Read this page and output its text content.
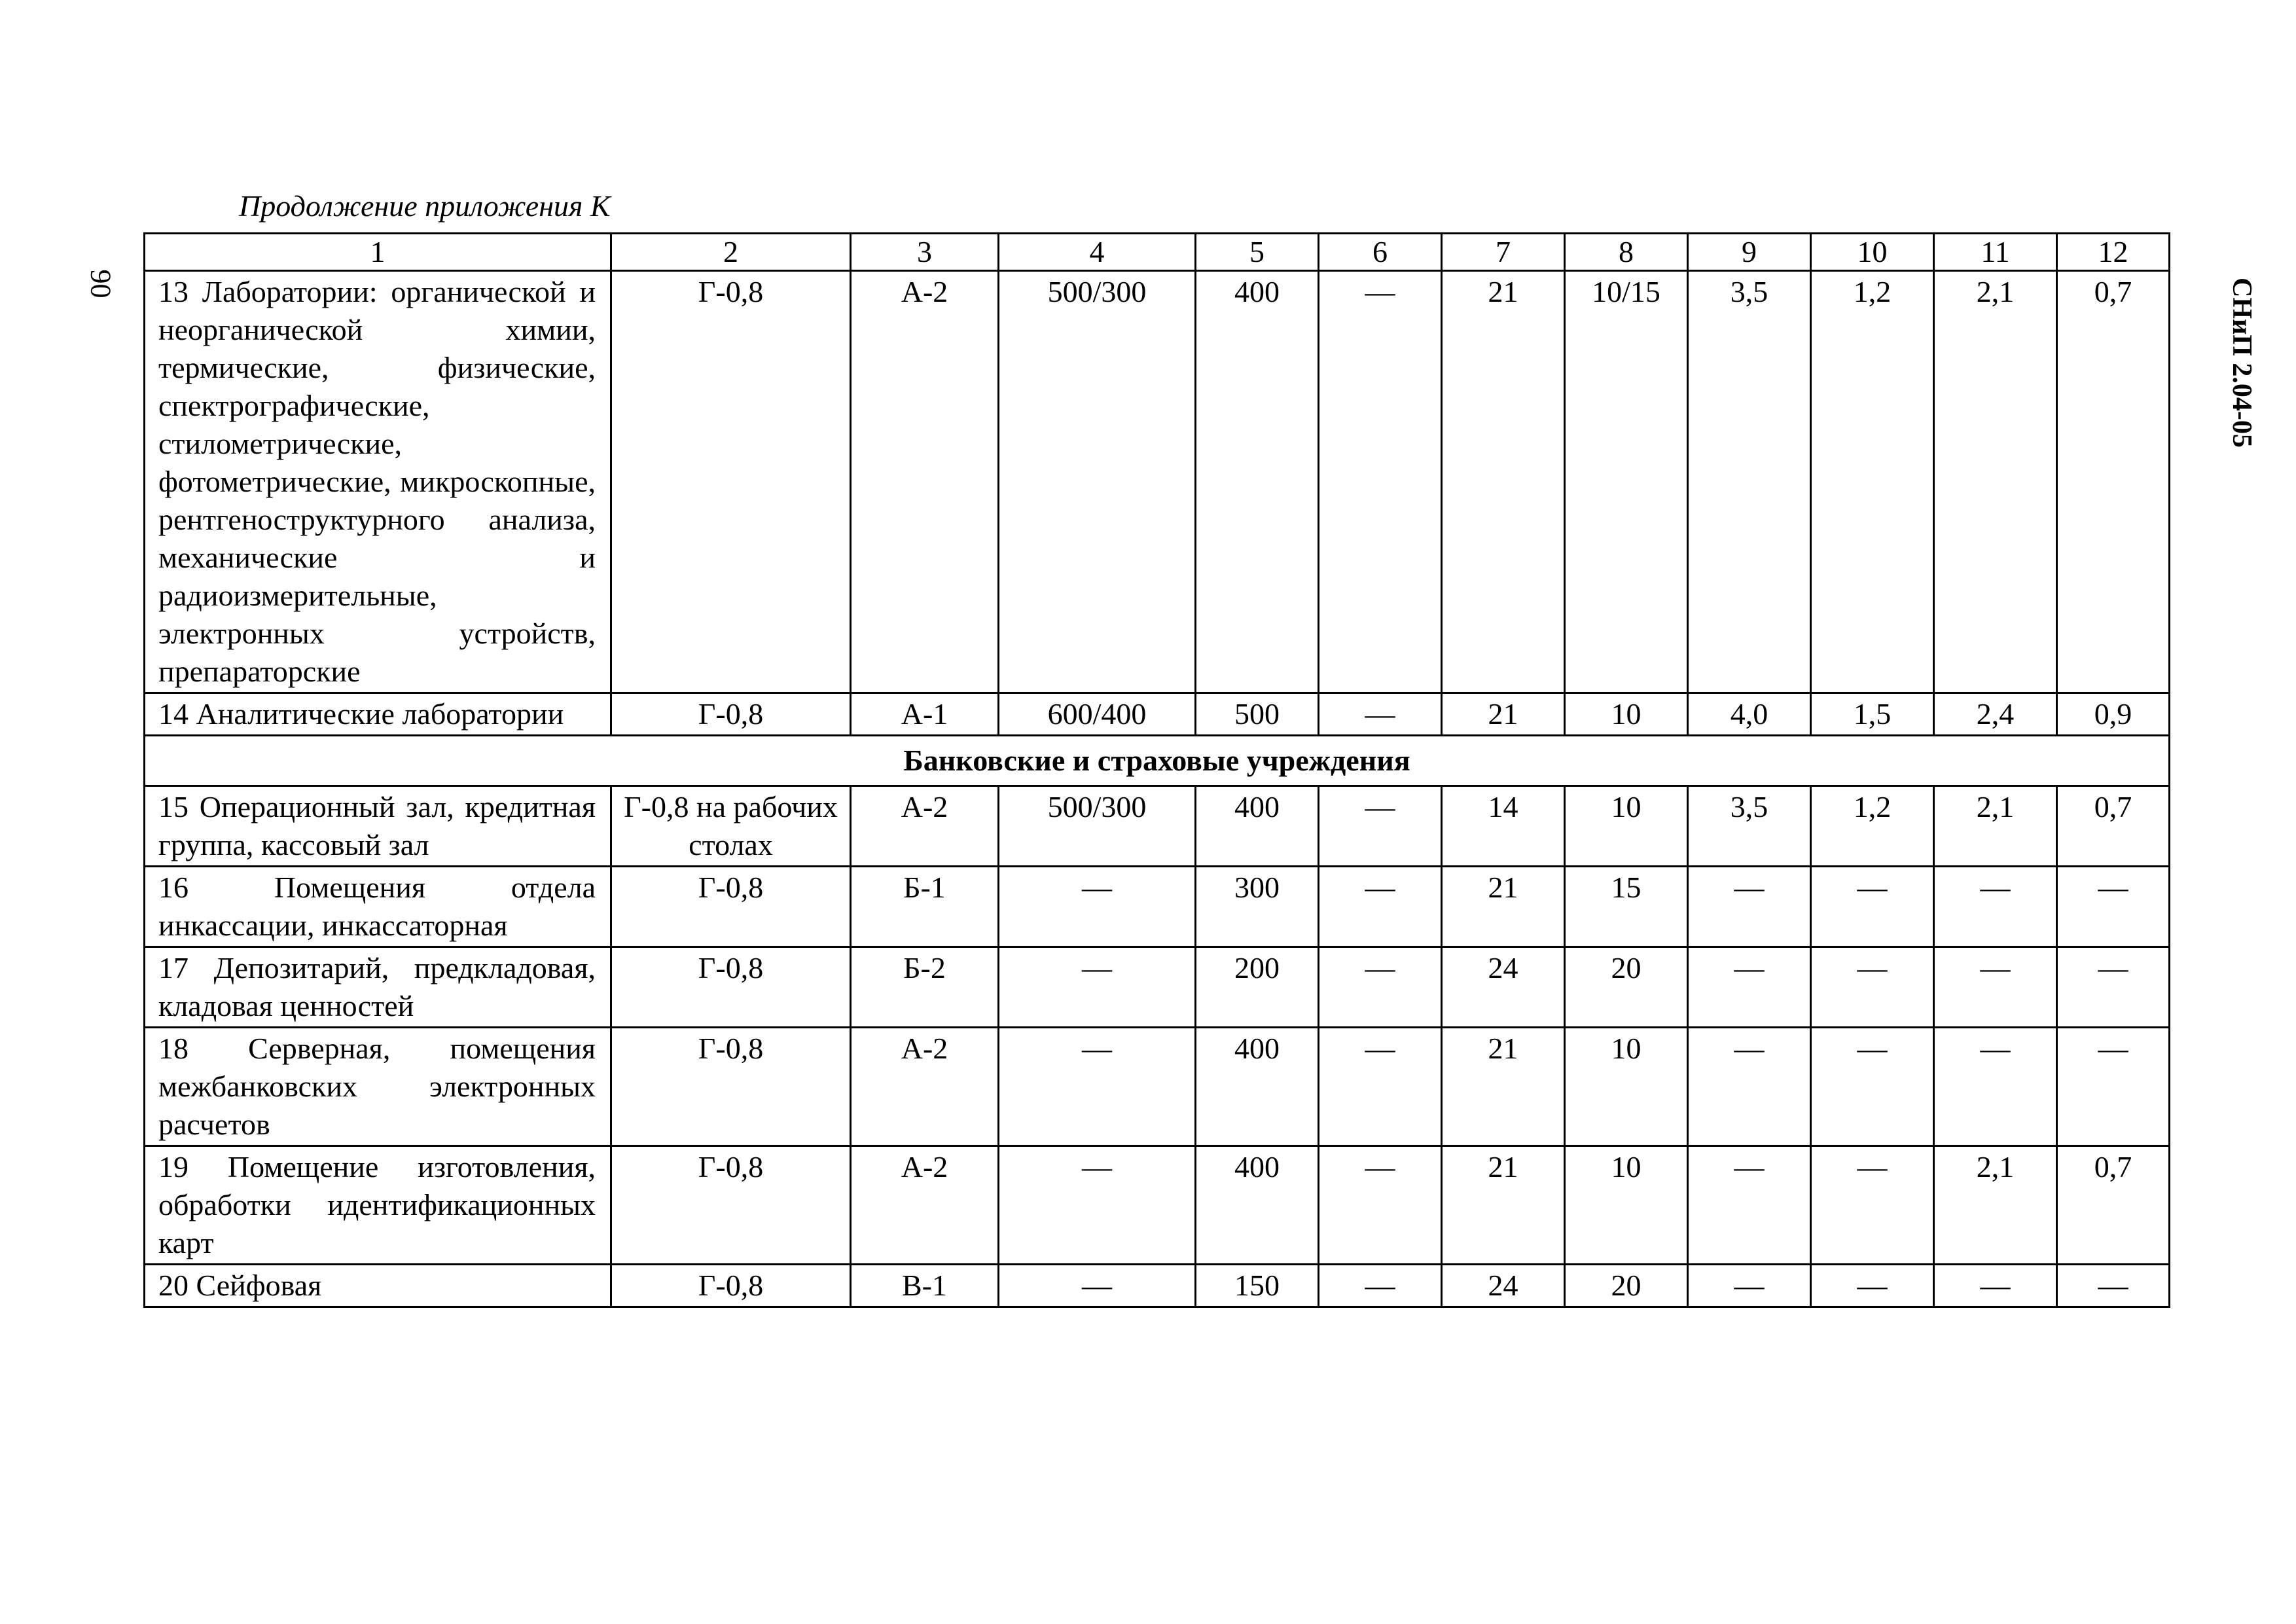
Продолжение приложения К
90	СНиП 2.04-05
1	2	3	4	5	6	7	8	9	10	11	12
13 Лаборатории: органической и неорганической химии, термические, физические, спектрографические, стилометрические, фотометрические, микроскопные, рентгеноструктурного анализа, механические и радиоизмерительные, электронных устройств, препараторские	Г-0,8	А-2	500/300	400	—	21	10/15	3,5	1,2	2,1	0,7
14 Аналитические лаборатории	Г-0,8	А-1	600/400	500	—	21	10	4,0	1,5	2,4	0,9
Банковские и страховые учреждения											
15 Операционный зал, кредитная группа, кассовый зал	Г-0,8 на рабочих столах	А-2	500/300	400	—	14	10	3,5	1,2	2,1	0,7
16 Помещения отдела инкассации, инкассаторная	Г-0,8	Б-1	—	300	—	21	15	—	—	—	—
17 Депозитарий, предкладовая, кладовая ценностей	Г-0,8	Б-2	—	200	—	24	20	—	—	—	—
18 Серверная, помещения межбанковских электронных расчетов	Г-0,8	А-2	—	400	—	21	10	—	—	—	—
19 Помещение изготовления, обработки идентификационных карт	Г-0,8	А-2	—	400	—	21	10	—	—	2,1	0,7
20 Сейфовая	Г-0,8	В-1	—	150	—	24	20	—	—	—	—
